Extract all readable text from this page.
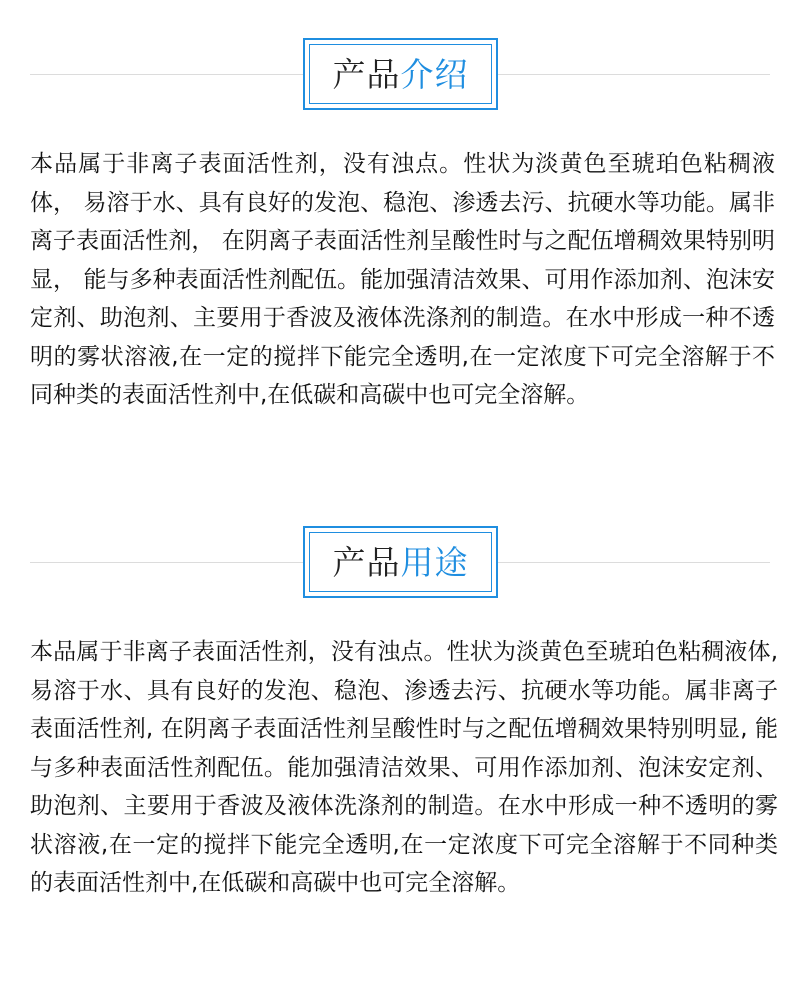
产品 介绍

本品属于非离子表面活性剂，没有浊点。性状为淡黄色至琥珀色粘稠液体， 易溶于水、具有良好的发泡、稳泡、渗透去污、抗硬水等功能。属非离子表面活性剂， 在阴离子表面活性剂呈酸性时与之配伍增稠效果特别明显， 能与多种表面活性剂配伍。能加强清洁效果、可用作添加剂、泡沫安定剂、助泡剂、主要用于香波及液体洗涤剂的制造。在水中形成一种不透明的雾状溶液,在一定的搅拌下能完全透明,在一定浓度下可完全溶解于不同种类的表面活性剂中,在低碳和高碳中也可完全溶解。

产品 用途

本品属于非离子表面活性剂，没有浊点。性状为淡黄色至琥珀色粘稠液体, 易溶于水、具有良好的发泡、稳泡、渗透去污、抗硬水等功能。属非离子表面活性剂, 在阴离子表面活性剂呈酸性时与之配伍增稠效果特别明显, 能与多种表面活性剂配伍。能加强清洁效果、可用作添加剂、泡沫安定剂、助泡剂、主要用于香波及液体洗涤剂的制造。在水中形成一种不透明的雾状溶液,在一定的搅拌下能完全透明,在一定浓度下可完全溶解于不同种类的表面活性剂中,在低碳和高碳中也可完全溶解。
